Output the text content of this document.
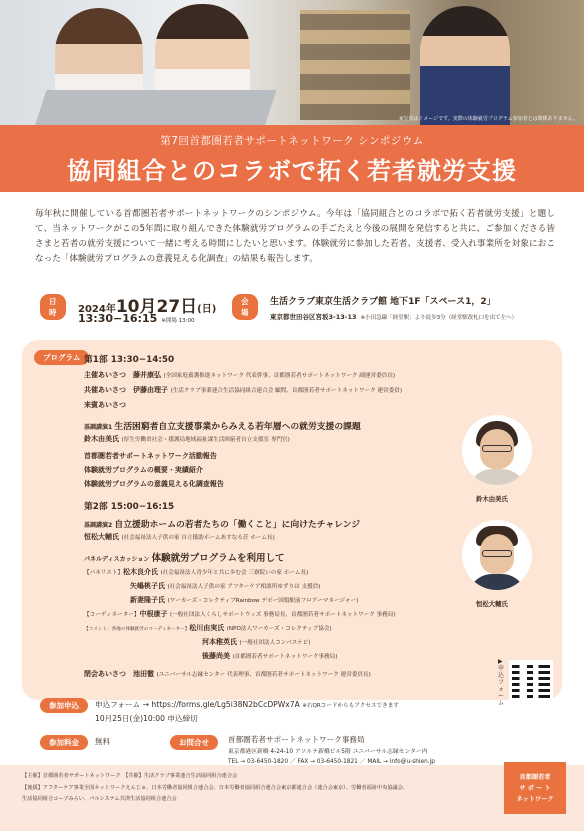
※写真はイメージです。実際の体験就労プログラム参加者とは関係ありません。
第7回首都圏若者サポートネットワーク シンポジウム
協同組合とのコラボで拓く若者就労支援
毎年秋に開催している首都圏若者サポートネットワークのシンポジウム。今年は「協同組合とのコラボで拓く若者就労支援」と題して、当ネットワークがこの5年間に取り組んできた体験就労プログラムの手ごたえと今後の展開を発信すると共に、ご参加くださる皆さまと若者の就労支援について一緒に考える時間にしたいと思います。体験就労に参加した若者、支援者、受入れ事業所を対象におこなった「体験就労プログラムの意義見える化調査」の結果も報告します。
日時	2024年10月27日(日)
13:30−16:15 ※開場 13:00
会場
生活クラブ東京生活クラブ館 地下1F「スペース1，2」
東京都世田谷区宮坂3-13-13 ※小田急線「経堂駅」より徒歩3分（経堂駅改札口を出て左へ）
プログラム 第1部 13:30−14:50
主催あいさつ　 藤井康弘 (全国家庭養護推進ネットワーク 代表幹事、首都圏若者サポートネットワーク 副運営委員長)
共催あいさつ　 伊藤由理子 (生活クラブ事業連合生活協同組合連合会 顧問、首都圏若者サポートネットワーク 運営委員)
来賓あいさつ
基調講演1 生活困窮者自立支援事業からみえる若年層への就労支援の課題
鈴木由美氏 (厚生労働省社会・援護局地域福祉課生活困窮者自立支援室 専門官)
首都圏若者サポートネットワーク活動報告
体験就労プログラムの概要・実績紹介
体験就労プログラムの意義見える化調査報告
第2部 15:00−16:15
基調講演2 自立援助ホームの若者たちの「働くこと」に向けたチャレンジ
恒松大輔氏 (社会福祉法人子供の家 自立援助ホームあすなろ荘 ホーム長)
パネルディスカッション 体験就労プログラムを利用して
【パネリスト】松木良介氏 (社会福祉法人青少年と共に歩む会 三寮院いの家 ホーム長)
矢嶋桃子氏 (社会福祉法人子供の家 アフターケア相談所ゆずりは 支援員)
新妻隆子氏 (ワーカーズ・コレクティブRainbow デポー国領駅前フロアーマネージャー)
【コーディネーター】中根康子 (一般社団法人くらしサポートウィズ 事務局長、首都圏若者サポートネットワーク 事務局)
【コメント：各地の体験就労のコーディネーター】松川由実氏 (NPO法人ワーカーズ・コレクティブ協会)
河本稚英氏 (一般社団法人コンパスナビ)
後藤尚美 (首都圏若者サポートネットワーク事務局)
閉会あいさつ　 池田徹 (ユニバーサル志縁センター 代表理事、首都圏若者サポートネットワーク 運営委員長)
鈴木由美氏
恒松大輔氏
▶申込フォーム
参加申込	申込フォーム → https://forms.gle/Lg5i38N2bCcDPWx7A ※右QRコードからもアクセスできます
10月25日(金)10:00 申込締切
参加料金	無料	お問合せ	首都圏若者サポートネットワーク事務局
東京都港区新橋 4-24-10 アソルテ新橋ビル5階 ユニバーサル志縁センター内
TEL → 03-6450-1820 ／ FAX → 03-6450-1821 ／ MAIL → info@u-shien.jp
【主催】首都圏若者サポートネットワーク　【共催】生活クラブ事業連合生活協同組合連合会
【後援】アフターケア事業全国ネットワークえんじゅ、日本労働者協同組合連合会、日本労働者協同組合連合会東京都連合会（連合会東京）、労働者福祉中央協議会、
生活協同組合コープみらい、パルシステム共済生活協同組合連合会
首都圏若者
サ ポ ー ト
ネットワーク
